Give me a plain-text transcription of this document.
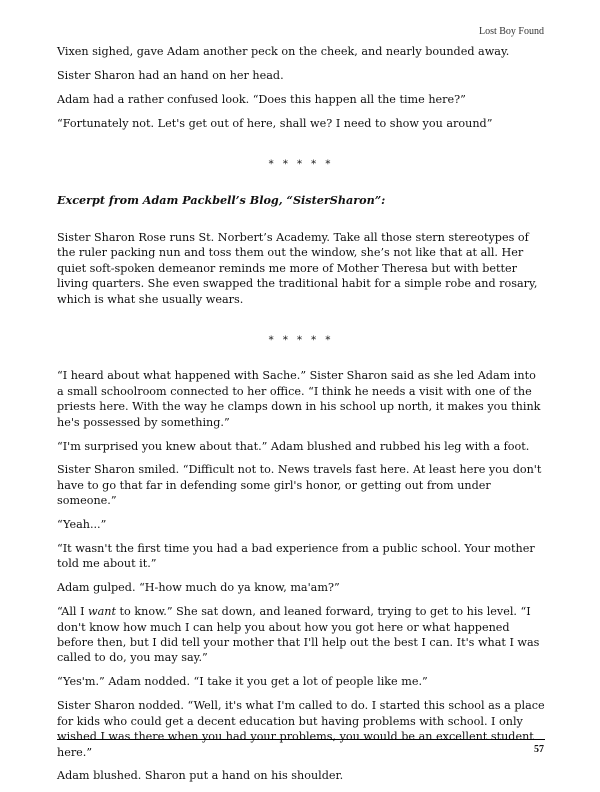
Lost Boy Found

Vixen sighed, gave Adam another peck on the cheek, and nearly bounded away.

Sister Sharon had an hand on her head.

Adam had a rather confused look. “Does this happen all the time here?”

“Fortunately not. Let's get out of here, shall we? I need to show you around”

* * * * *

Excerpt from Adam Packbell’s Blog, “SisterSharon”:

Sister Sharon Rose runs St. Norbert’s Academy. Take all those stern stereotypes of the ruler packing nun and toss them out the window, she’s not like that at all. Her quiet soft-spoken demeanor reminds me more of Mother Theresa but with better living quarters. She even swapped the traditional habit for a simple robe and rosary, which is what she usually wears.

* * * * *

“I heard about what happened with Sache.” Sister Sharon said as she led Adam into a small schoolroom connected to her office. “I think he needs a visit with one of the priests here. With the way he clamps down in his school up north, it makes you think he's possessed by something.”

“I'm surprised you knew about that.” Adam blushed and rubbed his leg with a foot.

Sister Sharon smiled. “Difficult not to. News travels fast here. At least here you don't have to go that far in defending some girl's honor, or getting out from under someone.”

“Yeah...”

“It wasn't the first time you had a bad experience from a public school. Your mother told me about it.”

Adam gulped. “H-how much do ya know, ma'am?”

“All I want to know.” She sat down, and leaned forward, trying to get to his level. “I don't know how much I can help you about how you got here or what happened before then, but I did tell your mother that I'll help out the best I can. It's what I was called to do, you may say.”

“Yes'm.” Adam nodded. “I take it you get a lot of people like me.”

Sister Sharon nodded. “Well, it's what I'm called to do. I started this school as a place for kids who could get a decent education but having problems with school. I only wished I was there when you had your problems, you would be an excellent student here.”

Adam blushed. Sharon put a hand on his shoulder.

57
